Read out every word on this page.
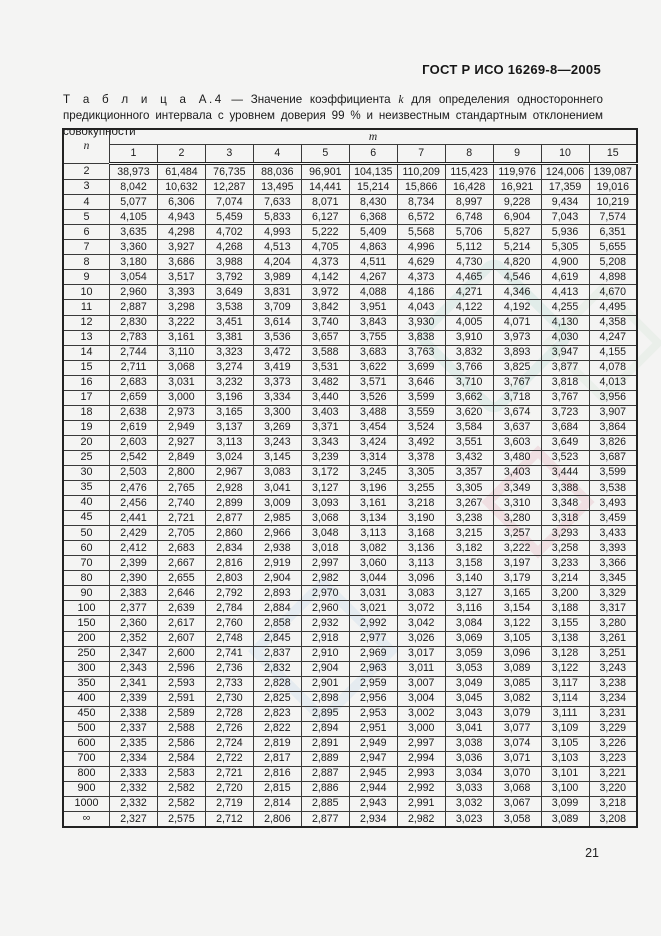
ГОСТ Р ИСО 16269-8—2005

Т а б л и ц а А.4 — Значение коэффициента k для определения одностороннего предикционного интервала с уровнем доверия 99 % и неизвестным стандартным отклонением совокупности

n	m										
	1	2	3	4	5	6	7	8	9	10	15
2	38,973	61,484	76,735	88,036	96,901	104,135	110,209	115,423	119,976	124,006	139,087
3	8,042	10,632	12,287	13,495	14,441	15,214	15,866	16,428	16,921	17,359	19,016
4	5,077	6,306	7,074	7,633	8,071	8,430	8,734	8,997	9,228	9,434	10,219
5	4,105	4,943	5,459	5,833	6,127	6,368	6,572	6,748	6,904	7,043	7,574
6	3,635	4,298	4,702	4,993	5,222	5,409	5,568	5,706	5,827	5,936	6,351
7	3,360	3,927	4,268	4,513	4,705	4,863	4,996	5,112	5,214	5,305	5,655
8	3,180	3,686	3,988	4,204	4,373	4,511	4,629	4,730	4,820	4,900	5,208
9	3,054	3,517	3,792	3,989	4,142	4,267	4,373	4,465	4,546	4,619	4,898
10	2,960	3,393	3,649	3,831	3,972	4,088	4,186	4,271	4,346	4,413	4,670
11	2,887	3,298	3,538	3,709	3,842	3,951	4,043	4,122	4,192	4,255	4,495
12	2,830	3,222	3,451	3,614	3,740	3,843	3,930	4,005	4,071	4,130	4,358
13	2,783	3,161	3,381	3,536	3,657	3,755	3,838	3,910	3,973	4,030	4,247
14	2,744	3,110	3,323	3,472	3,588	3,683	3,763	3,832	3,893	3,947	4,155
15	2,711	3,068	3,274	3,419	3,531	3,622	3,699	3,766	3,825	3,877	4,078
16	2,683	3,031	3,232	3,373	3,482	3,571	3,646	3,710	3,767	3,818	4,013
17	2,659	3,000	3,196	3,334	3,440	3,526	3,599	3,662	3,718	3,767	3,956
18	2,638	2,973	3,165	3,300	3,403	3,488	3,559	3,620	3,674	3,723	3,907
19	2,619	2,949	3,137	3,269	3,371	3,454	3,524	3,584	3,637	3,684	3,864
20	2,603	2,927	3,113	3,243	3,343	3,424	3,492	3,551	3,603	3,649	3,826
25	2,542	2,849	3,024	3,145	3,239	3,314	3,378	3,432	3,480	3,523	3,687
30	2,503	2,800	2,967	3,083	3,172	3,245	3,305	3,357	3,403	3,444	3,599
35	2,476	2,765	2,928	3,041	3,127	3,196	3,255	3,305	3,349	3,388	3,538
40	2,456	2,740	2,899	3,009	3,093	3,161	3,218	3,267	3,310	3,348	3,493
45	2,441	2,721	2,877	2,985	3,068	3,134	3,190	3,238	3,280	3,318	3,459
50	2,429	2,705	2,860	2,966	3,048	3,113	3,168	3,215	3,257	3,293	3,433
60	2,412	2,683	2,834	2,938	3,018	3,082	3,136	3,182	3,222	3,258	3,393
70	2,399	2,667	2,816	2,919	2,997	3,060	3,113	3,158	3,197	3,233	3,366
80	2,390	2,655	2,803	2,904	2,982	3,044	3,096	3,140	3,179	3,214	3,345
90	2,383	2,646	2,792	2,893	2,970	3,031	3,083	3,127	3,165	3,200	3,329
100	2,377	2,639	2,784	2,884	2,960	3,021	3,072	3,116	3,154	3,188	3,317
150	2,360	2,617	2,760	2,858	2,932	2,992	3,042	3,084	3,122	3,155	3,280
200	2,352	2,607	2,748	2,845	2,918	2,977	3,026	3,069	3,105	3,138	3,261
250	2,347	2,600	2,741	2,837	2,910	2,969	3,017	3,059	3,096	3,128	3,251
300	2,343	2,596	2,736	2,832	2,904	2,963	3,011	3,053	3,089	3,122	3,243
350	2,341	2,593	2,733	2,828	2,901	2,959	3,007	3,049	3,085	3,117	3,238
400	2,339	2,591	2,730	2,825	2,898	2,956	3,004	3,045	3,082	3,114	3,234
450	2,338	2,589	2,728	2,823	2,895	2,953	3,002	3,043	3,079	3,111	3,231
500	2,337	2,588	2,726	2,822	2,894	2,951	3,000	3,041	3,077	3,109	3,229
600	2,335	2,586	2,724	2,819	2,891	2,949	2,997	3,038	3,074	3,105	3,226
700	2,334	2,584	2,722	2,817	2,889	2,947	2,994	3,036	3,071	3,103	3,223
800	2,333	2,583	2,721	2,816	2,887	2,945	2,993	3,034	3,070	3,101	3,221
900	2,332	2,582	2,720	2,815	2,886	2,944	2,992	3,033	3,068	3,100	3,220
1000	2,332	2,582	2,719	2,814	2,885	2,943	2,991	3,032	3,067	3,099	3,218
∞	2,327	2,575	2,712	2,806	2,877	2,934	2,982	3,023	3,058	3,089	3,208
21
